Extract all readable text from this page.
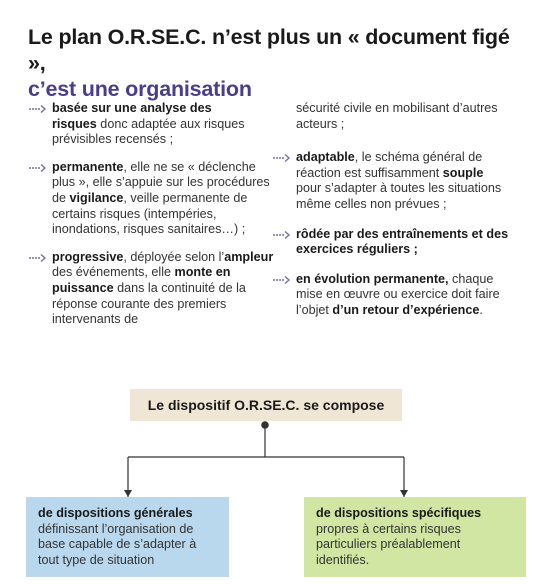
Le plan O.R.SE.C. n’est plus un « document figé »,
c’est une organisation
basée sur une analyse des
risques donc adaptée aux risques prévisibles recensés ;
permanente, elle ne se « déclenche plus », elle s’appuie sur les procédures de vigilance, veille permanente de certains risques (intempéries, inondations, risques sanitaires…) ;
progressive, déployée selon l’ampleur des événements, elle monte en puissance dans la continuité de la réponse courante des premiers intervenants de
sécurité civile en mobilisant d’autres acteurs ;
adaptable, le schéma général de réaction est suffisamment souple pour s’adapter à toutes les situations même celles non prévues ;
rôdée par des entraînements et des exercices réguliers ;
en évolution permanente, chaque mise en œuvre ou exercice doit faire l’objet d’un retour d’expérience.
Le dispositif O.R.SE.C. se compose
de dispositions générales
définissant l’organisation de base capable de s’adapter à tout type de situation
de dispositions spécifiques
propres à certains risques particuliers préalablement identifiés.
